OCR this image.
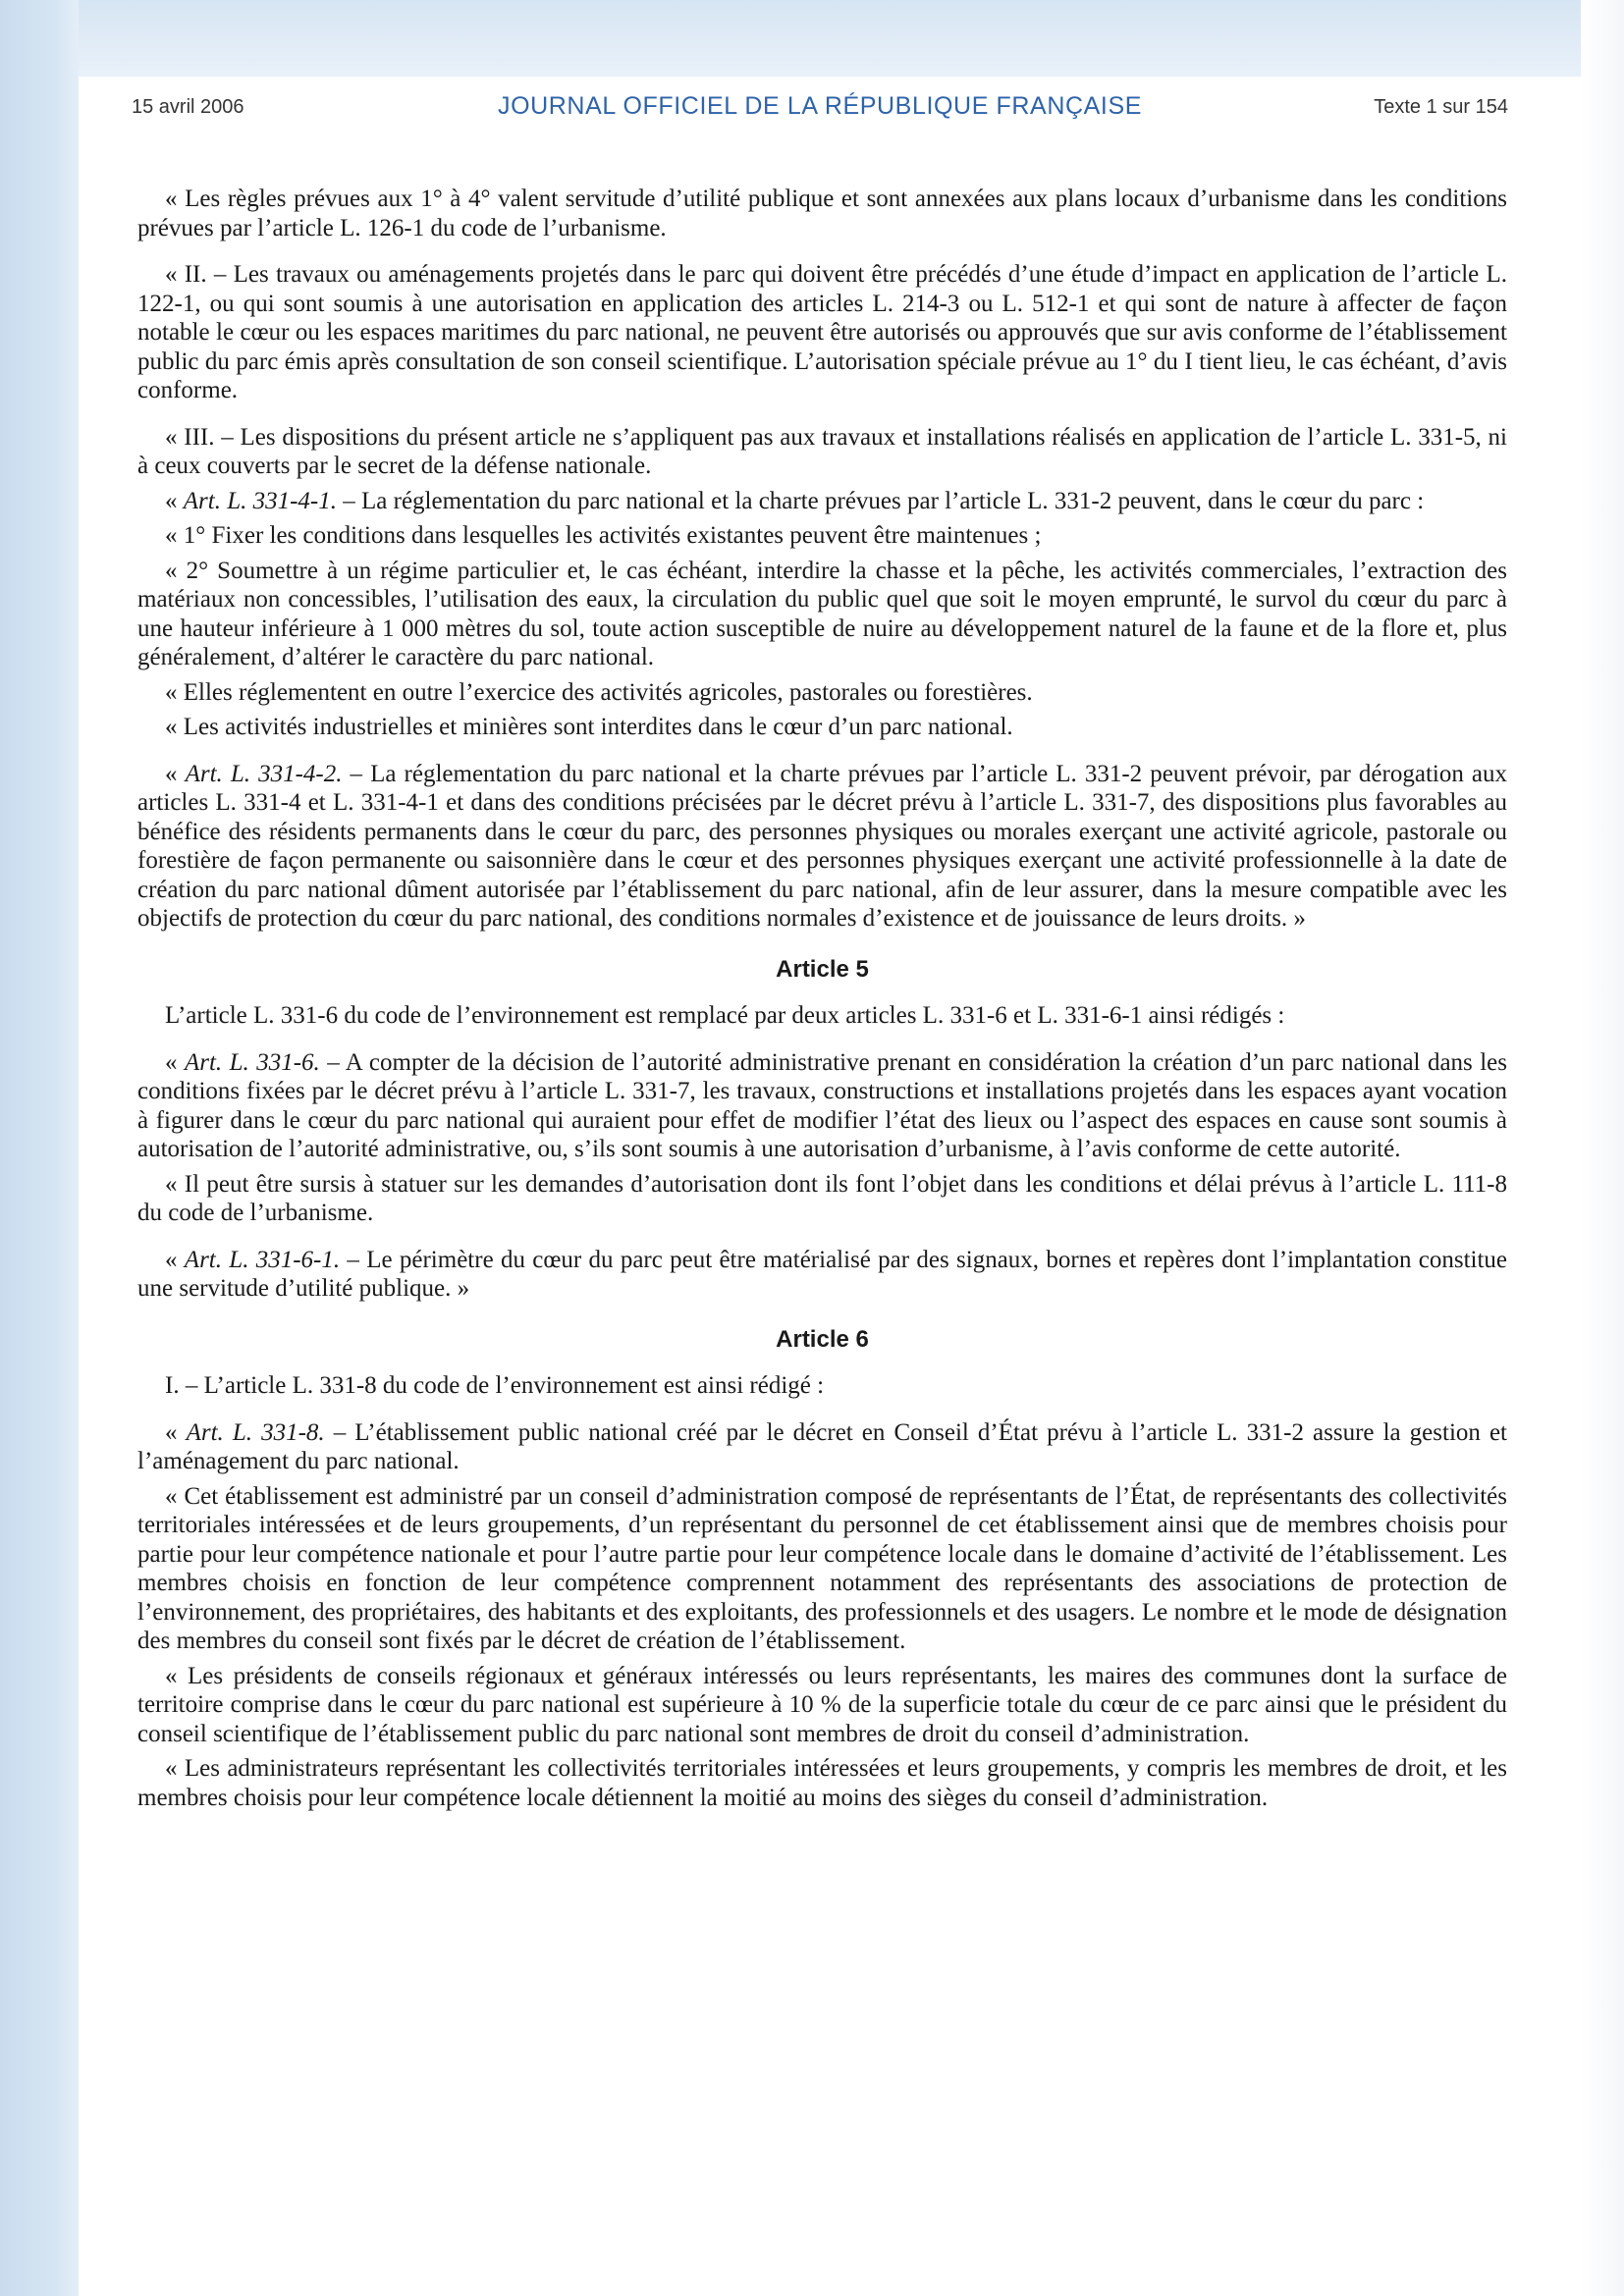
15 avril 2006	JOURNAL OFFICIEL DE LA RÉPUBLIQUE FRANÇAISE	Texte 1 sur 154

« Les règles prévues aux 1° à 4° valent servitude d’utilité publique et sont annexées aux plans locaux d’urbanisme dans les conditions prévues par l’article L. 126-1 du code de l’urbanisme.

« II. – Les travaux ou aménagements projetés dans le parc qui doivent être précédés d’une étude d’impact en application de l’article L. 122-1, ou qui sont soumis à une autorisation en application des articles L. 214-3 ou L. 512-1 et qui sont de nature à affecter de façon notable le cœur ou les espaces maritimes du parc national, ne peuvent être autorisés ou approuvés que sur avis conforme de l’établissement public du parc émis après consultation de son conseil scientifique. L’autorisation spéciale prévue au 1° du I tient lieu, le cas échéant, d’avis conforme.

« III. – Les dispositions du présent article ne s’appliquent pas aux travaux et installations réalisés en application de l’article L. 331-5, ni à ceux couverts par le secret de la défense nationale.

« Art. L. 331-4-1. – La réglementation du parc national et la charte prévues par l’article L. 331-2 peuvent, dans le cœur du parc :

« 1° Fixer les conditions dans lesquelles les activités existantes peuvent être maintenues ;

« 2° Soumettre à un régime particulier et, le cas échéant, interdire la chasse et la pêche, les activités commerciales, l’extraction des matériaux non concessibles, l’utilisation des eaux, la circulation du public quel que soit le moyen emprunté, le survol du cœur du parc à une hauteur inférieure à 1 000 mètres du sol, toute action susceptible de nuire au développement naturel de la faune et de la flore et, plus généralement, d’altérer le caractère du parc national.

« Elles réglementent en outre l’exercice des activités agricoles, pastorales ou forestières.

« Les activités industrielles et minières sont interdites dans le cœur d’un parc national.

« Art. L. 331-4-2. – La réglementation du parc national et la charte prévues par l’article L. 331-2 peuvent prévoir, par dérogation aux articles L. 331-4 et L. 331-4-1 et dans des conditions précisées par le décret prévu à l’article L. 331-7, des dispositions plus favorables au bénéfice des résidents permanents dans le cœur du parc, des personnes physiques ou morales exerçant une activité agricole, pastorale ou forestière de façon permanente ou saisonnière dans le cœur et des personnes physiques exerçant une activité professionnelle à la date de création du parc national dûment autorisée par l’établissement du parc national, afin de leur assurer, dans la mesure compatible avec les objectifs de protection du cœur du parc national, des conditions normales d’existence et de jouissance de leurs droits. »

Article 5

L’article L. 331-6 du code de l’environnement est remplacé par deux articles L. 331-6 et L. 331-6-1 ainsi rédigés :

« Art. L. 331-6. – A compter de la décision de l’autorité administrative prenant en considération la création d’un parc national dans les conditions fixées par le décret prévu à l’article L. 331-7, les travaux, constructions et installations projetés dans les espaces ayant vocation à figurer dans le cœur du parc national qui auraient pour effet de modifier l’état des lieux ou l’aspect des espaces en cause sont soumis à autorisation de l’autorité administrative, ou, s’ils sont soumis à une autorisation d’urbanisme, à l’avis conforme de cette autorité.

« Il peut être sursis à statuer sur les demandes d’autorisation dont ils font l’objet dans les conditions et délai prévus à l’article L. 111-8 du code de l’urbanisme.

« Art. L. 331-6-1. – Le périmètre du cœur du parc peut être matérialisé par des signaux, bornes et repères dont l’implantation constitue une servitude d’utilité publique. »

Article 6

I. – L’article L. 331-8 du code de l’environnement est ainsi rédigé :

« Art. L. 331-8. – L’établissement public national créé par le décret en Conseil d’État prévu à l’article L. 331-2 assure la gestion et l’aménagement du parc national.

« Cet établissement est administré par un conseil d’administration composé de représentants de l’État, de représentants des collectivités territoriales intéressées et de leurs groupements, d’un représentant du personnel de cet établissement ainsi que de membres choisis pour partie pour leur compétence nationale et pour l’autre partie pour leur compétence locale dans le domaine d’activité de l’établissement. Les membres choisis en fonction de leur compétence comprennent notamment des représentants des associations de protection de l’environnement, des propriétaires, des habitants et des exploitants, des professionnels et des usagers. Le nombre et le mode de désignation des membres du conseil sont fixés par le décret de création de l’établissement.

« Les présidents de conseils régionaux et généraux intéressés ou leurs représentants, les maires des communes dont la surface de territoire comprise dans le cœur du parc national est supérieure à 10 % de la superficie totale du cœur de ce parc ainsi que le président du conseil scientifique de l’établissement public du parc national sont membres de droit du conseil d’administration.

« Les administrateurs représentant les collectivités territoriales intéressées et leurs groupements, y compris les membres de droit, et les membres choisis pour leur compétence locale détiennent la moitié au moins des sièges du conseil d’administration.
